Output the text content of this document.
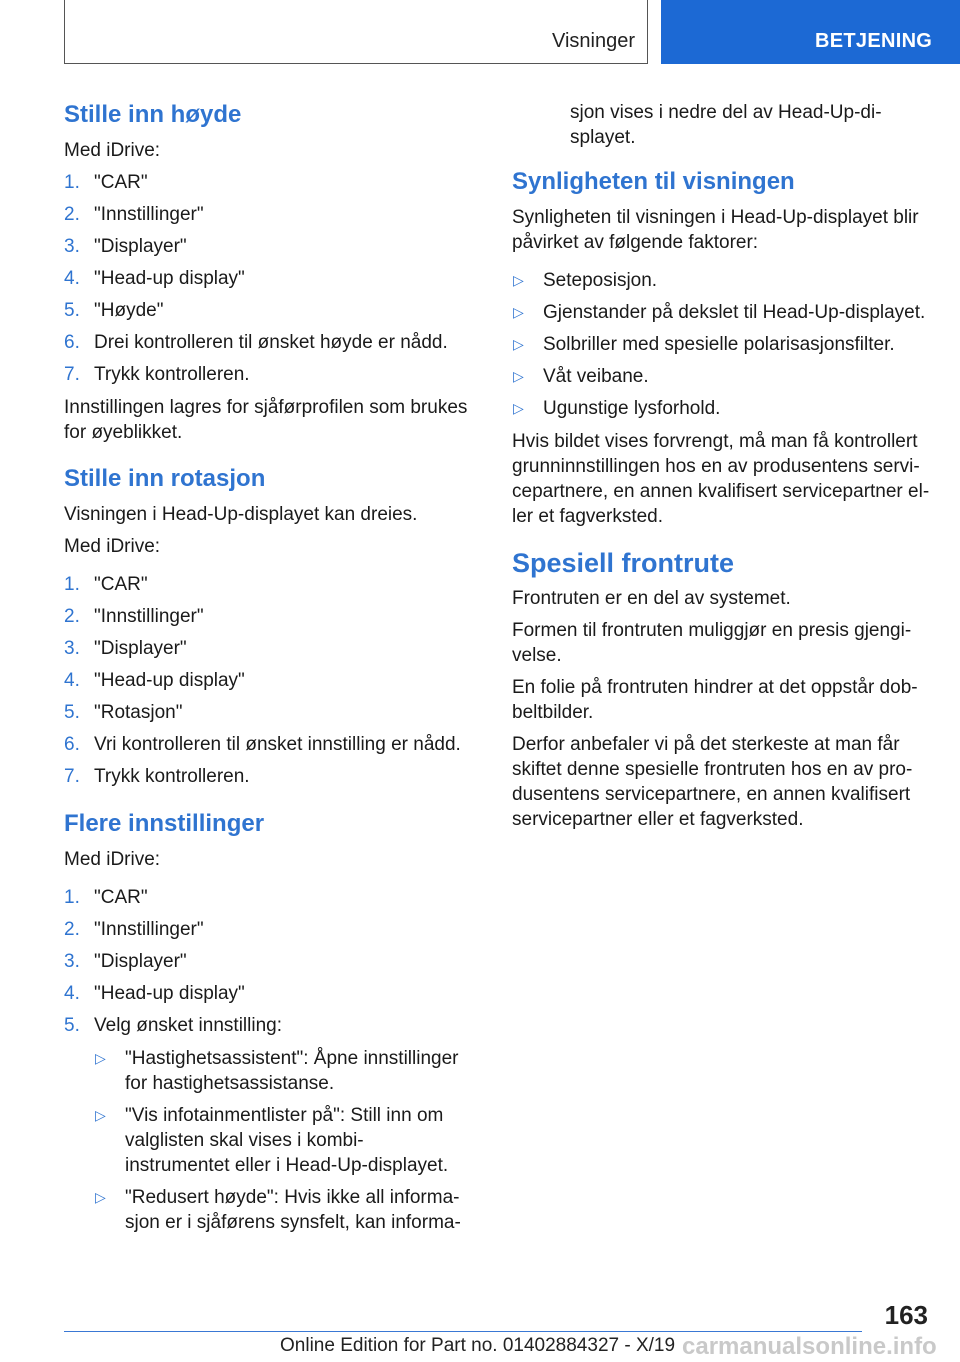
Visninger	BETJENING
Stille inn høyde

Med iDrive:

1. "CAR"
2. "Innstillinger"
3. "Displayer"
4. "Head-up display"
5. "Høyde"
6. Drei kontrolleren til ønsket høyde er nådd.
7. Trykk kontrolleren.

Innstillingen lagres for sjåførprofilen som brukes for øyeblikket.

Stille inn rotasjon

Visningen i Head-Up-displayet kan dreies.

Med iDrive:

1. "CAR"
2. "Innstillinger"
3. "Displayer"
4. "Head-up display"
5. "Rotasjon"
6. Vri kontrolleren til ønsket innstilling er nådd.
7. Trykk kontrolleren.
Flere innstillinger

Med iDrive:

1. "CAR"
2. "Innstillinger"
3. "Displayer"
4. "Head-up display"
5. Velg ønsket innstilling:
▷	"Hastighetsassistent": Åpne innstillinger for hastighetsassistanse.
▷	"Vis infotainmentlister på": Still inn om valglisten skal vises i kombi-instrumentet eller i Head-Up-displayet.
▷	"Redusert høyde": Hvis ikke all informa-sjon er i sjåførens synsfelt, kan informa-

sjon vises i nedre del av Head-Up-di-splayet.

Synligheten til visningen

Synligheten til visningen i Head-Up-displayet blir påvirket av følgende faktorer:

▷	Seteposisjon.
▷	Gjenstander på dekslet til Head-Up-displayet.
▷	Solbriller med spesielle polarisasjonsfilter.
▷	Våt veibane.
▷	Ugunstige lysforhold.

Hvis bildet vises forvrengt, må man få kontrollert grunninnstillingen hos en av produsentens servi-cepartnere, en annen kvalifisert servicepartner el-ler et fagverksted.

Spesiell frontrute

Frontruten er en del av systemet.

Formen til frontruten muliggjør en presis gjengi-velse.

En folie på frontruten hindrer at det oppstår dob-beltbilder.

Derfor anbefaler vi på det sterkeste at man får skiftet denne spesielle frontruten hos en av pro-dusentens servicepartnere, en annen kvalifisert servicepartner eller et fagverksted.

163
Online Edition for Part no. 01402884327 - X/19 carmanualsonline.info
